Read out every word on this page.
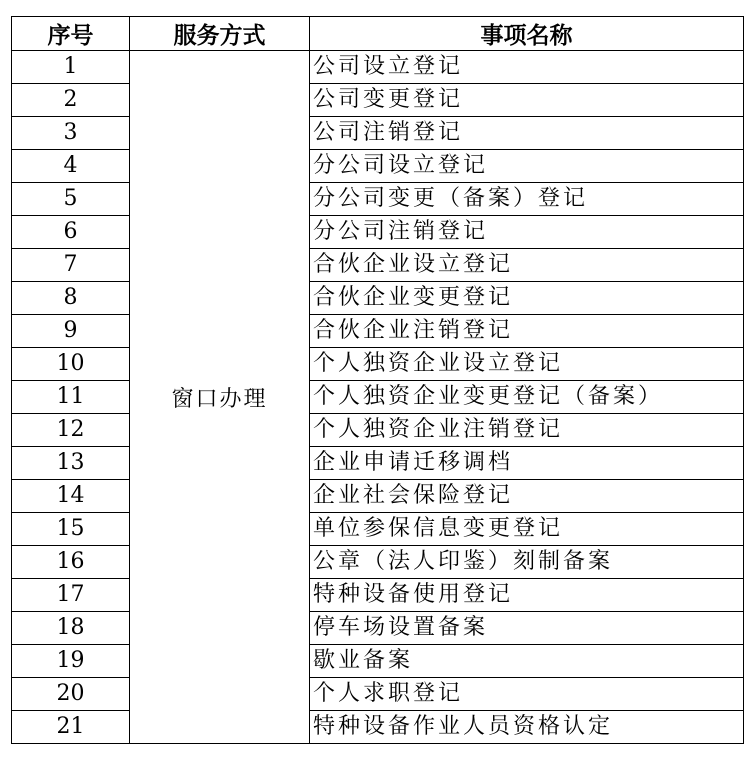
序号	服务方式	事项名称
1	窗口办理	公司设立登记
2		公司变更登记
3		公司注销登记
4		分公司设立登记
5		分公司变更（备案）登记
6		分公司注销登记
7		合伙企业设立登记
8		合伙企业变更登记
9		合伙企业注销登记
10		个人独资企业设立登记
11		个人独资企业变更登记（备案）
12		个人独资企业注销登记
13		企业申请迁移调档
14		企业社会保险登记
15		单位参保信息变更登记
16		公章（法人印鉴）刻制备案
17		特种设备使用登记
18		停车场设置备案
19		歇业备案
20		个人求职登记
21		特种设备作业人员资格认定
